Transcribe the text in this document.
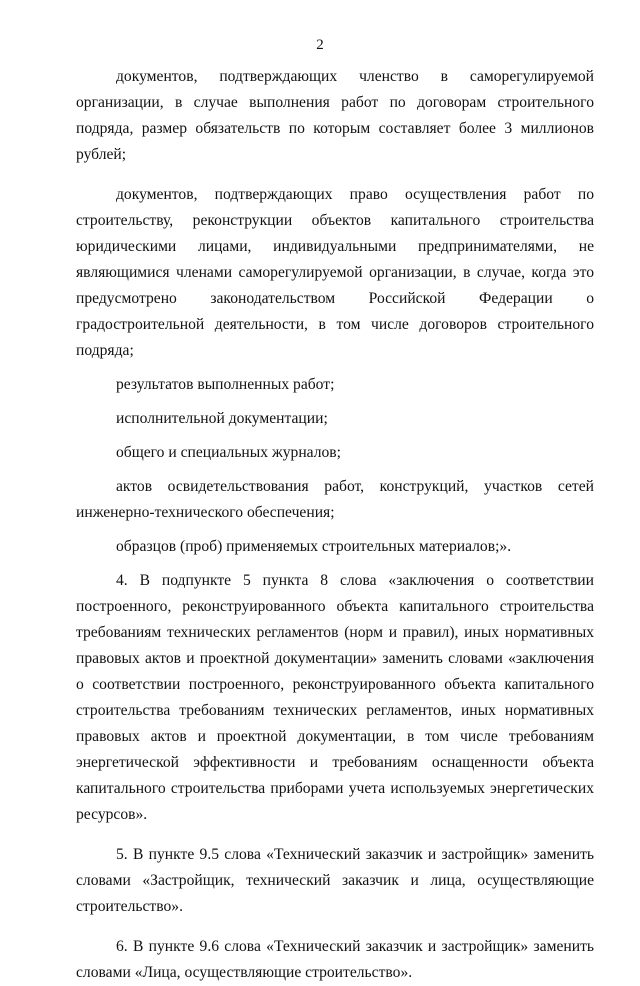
2

документов, подтверждающих членство в саморегулируемой организации, в случае выполнения работ по договорам строительного подряда, размер обязательств по которым составляет более 3 миллионов рублей;

документов, подтверждающих право осуществления работ по строительству, реконструкции объектов капитального строительства юридическими лицами, индивидуальными предпринимателями, не являющимися членами саморегулируемой организации, в случае, когда это предусмотрено законодательством Российской Федерации о градостроительной деятельности, в том числе договоров строительного подряда;

результатов выполненных работ;

исполнительной документации;

общего и специальных журналов;

актов освидетельствования работ, конструкций, участков сетей инженерно-технического обеспечения;

образцов (проб) применяемых строительных материалов;».

4. В подпункте 5 пункта 8 слова «заключения о соответствии построенного, реконструированного объекта капитального строительства требованиям технических регламентов (норм и правил), иных нормативных правовых актов и проектной документации» заменить словами «заключения о соответствии построенного, реконструированного объекта капитального строительства требованиям технических регламентов, иных нормативных правовых актов и проектной документации, в том числе требованиям энергетической эффективности и требованиям оснащенности объекта капитального строительства приборами учета используемых энергетических ресурсов».

5. В пункте 9.5 слова «Технический заказчик и застройщик» заменить словами «Застройщик, технический заказчик и лица, осуществляющие строительство».

6. В пункте 9.6 слова «Технический заказчик и застройщик» заменить словами «Лица, осуществляющие строительство».
